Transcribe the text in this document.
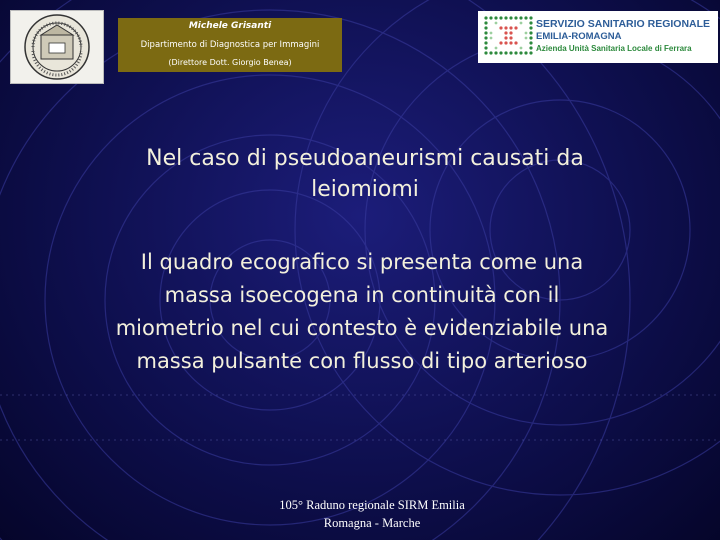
Michele Grisanti
Dipartimento di Diagnostica per Immagini
(Direttore Dott. Giorgio Benea)
SERVIZIO SANITARIO REGIONALE
EMILIA-ROMAGNA
Azienda Unità Sanitaria Locale di Ferrara
Nel caso di pseudoaneurismi causati da leiomiomi
Il quadro ecografico si presenta come una massa isoecogena in continuità con il miometrio nel cui contesto è evidenziabile una massa pulsante con flusso di tipo arterioso
105° Raduno regionale SIRM Emilia
Romagna - Marche
